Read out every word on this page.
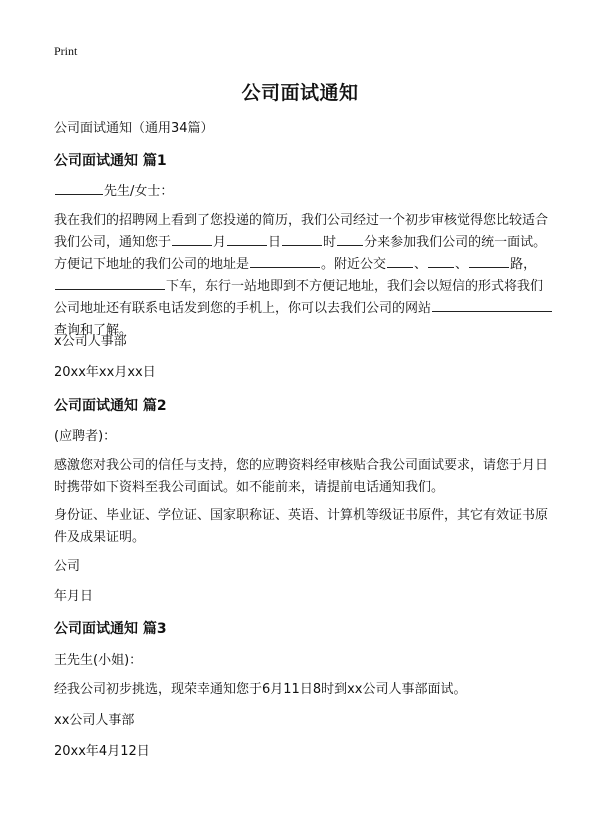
Print
公司面试通知
公司面试通知（通用34篇）
公司面试通知 篇1
先生/女士：
我在我们的招聘网上看到了您投递的简历，我们公司经过一个初步审核觉得您比较适合我们公司，通知您于	月	日	时 分来参加我们公司的统一面试。方便记下地址的我们公司的地址是	。附近公交 、 、	路，下车，东行一站地即到不方便记地址，我们会以短信的形式将我们公司地址还有联系电话发到您的手机上，你可以去我们公司的网站查询和了解。
x公司人事部
20xx年xx月xx日
公司面试通知 篇2
(应聘者)：
感激您对我公司的信任与支持，您的应聘资料经审核贴合我公司面试要求，请您于月日时携带如下资料至我公司面试。如不能前来，请提前电话通知我们。
身份证、毕业证、学位证、国家职称证、英语、计算机等级证书原件，其它有效证书原件及成果证明。
公司
年月日
公司面试通知 篇3
王先生(小姐)：
经我公司初步挑选，现荣幸通知您于6月11日8时到xx公司人事部面试。
xx公司人事部
20xx年4月12日
